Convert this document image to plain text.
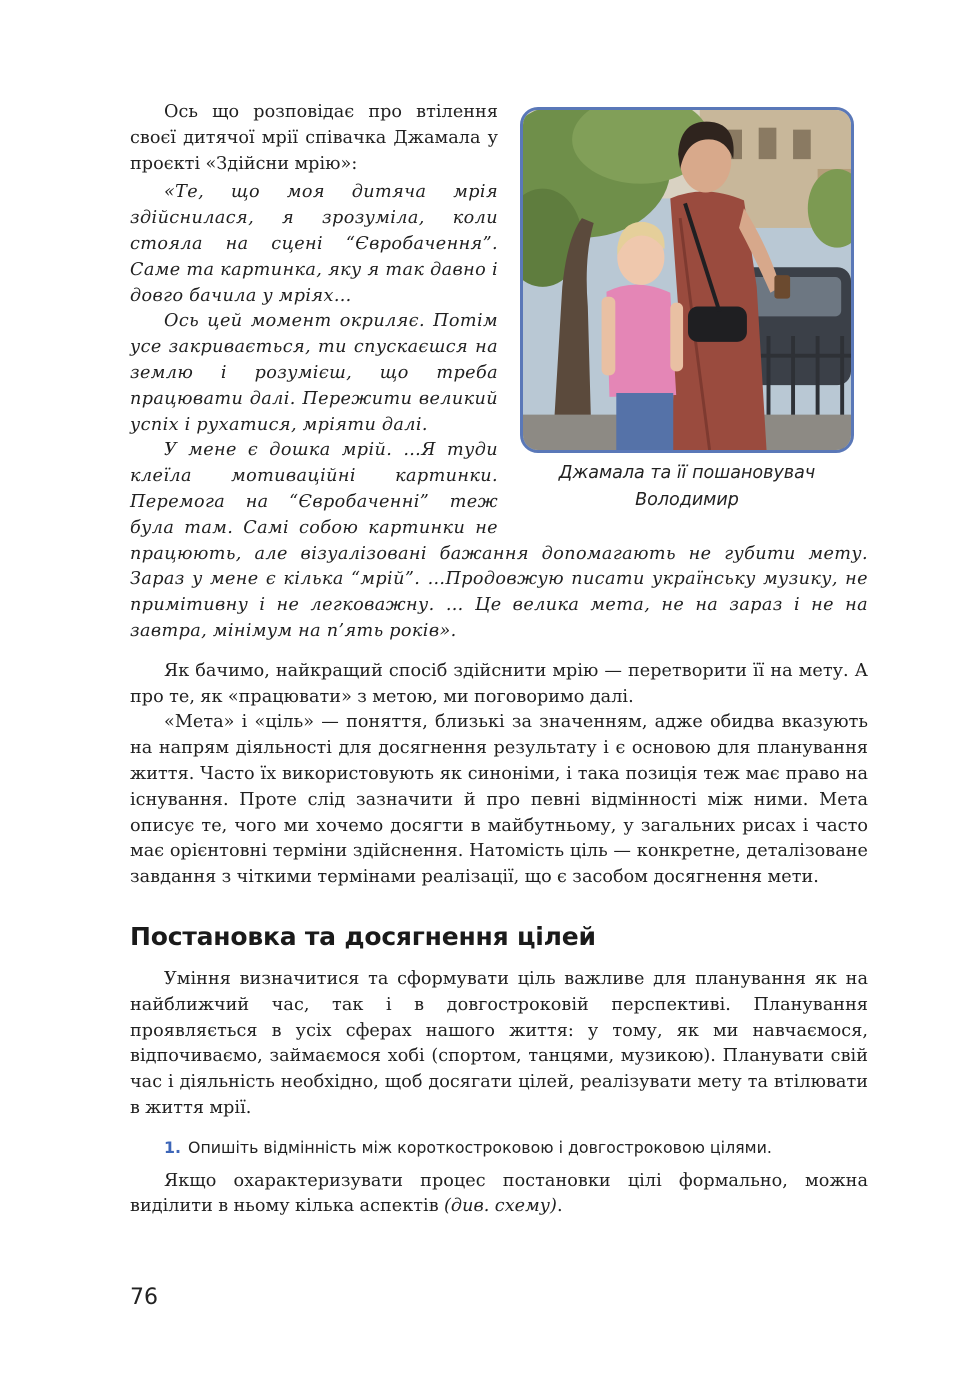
Джамала та її пошановувач
Володимир

Ось що розповідає про втілення своєї дитячої мрії співачка Джамала у проєкті «Здійсни мрію»:

«Те, що моя дитяча мрія здійснилася, я зрозуміла, коли стояла на сцені “Євробачення”. Саме та картинка, яку я так давно і довго бачила у мріях…

Ось цей момент окриляє. Потім усе закривається, ти спускаєшся на землю і розумієш, що треба працювати далі. Пережити великий успіх і рухатися, мріяти далі.

У мене є дошка мрій. …Я туди клеїла мотиваційні картинки. Перемога на “Євробаченні” теж була там. Самі собою картинки не працюють, але візуалізовані бажання допомагають не губити мету. Зараз у мене є кілька “мрій”. …Продовжую писати українську музику, не примітивну і не легковажну. … Це велика мета, не на зараз і не на завтра, мінімум на п’ять років».

Як бачимо, найкращий спосіб здійснити мрію — перетворити її на мету. А про те, як «працювати» з метою, ми поговоримо далі.

«Мета» і «ціль» — поняття, близькі за значенням, адже обидва вказують на напрям діяльності для досягнення результату і є основою для планування життя. Часто їх використовують як синоніми, і така позиція теж має право на існування. Проте слід зазначити й про певні відмінності між ними. Мета описує те, чого ми хочемо досягти в майбутньому, у загальних рисах і часто має орієнтовні терміни здійснення. Натомість ціль — конкретне, деталізоване завдання з чіткими термінами реалізації, що є засобом досягнення мети.

Постановка та досягнення цілей

Уміння визначитися та сформувати ціль важливе для планування як на найближчий час, так і в довгостроковій перспективі. Планування проявляється в усіх сферах нашого життя: у тому, як ми навчаємося, відпочиваємо, займаємося хобі (спортом, танцями, музикою). Планувати свій час і діяльність необхідно, щоб досягати цілей, реалізувати мету та втілювати в життя мрії.

1. Опишіть відмінність між короткостроковою і довгостроковою цілями.

Якщо охарактеризувати процес постановки цілі формально, можна виділити в ньому кілька аспектів (див. схему).

76
